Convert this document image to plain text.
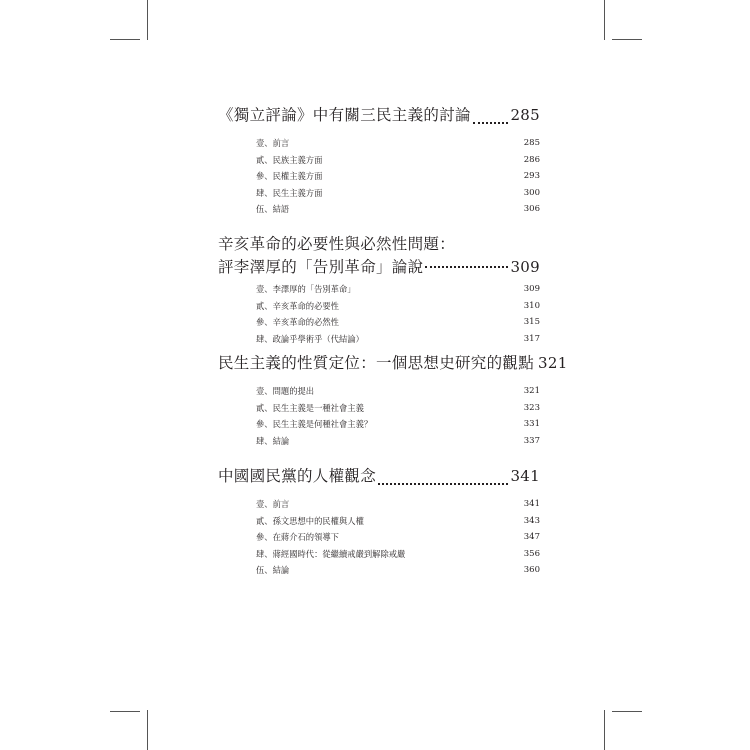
《獨立評論》中有關三民主義的討論	285
壹、前言	285
貳、民族主義方面	286
參、民權主義方面	293
肆、民生主義方面	300
伍、結語	306
辛亥革命的必要性與必然性問題：
評李澤厚的「告別革命」論說	309
壹、李澤厚的「告別革命」	309
貳、辛亥革命的必要性	310
參、辛亥革命的必然性	315
肆、政論乎學術乎（代結論）	317
民生主義的性質定位：一個思想史研究的觀點 321
壹、問題的提出	321
貳、民生主義是一種社會主義	323
參、民生主義是何種社會主義？	331
肆、結論	337
中國國民黨的人權觀念	341
壹、前言	341
貳、孫文思想中的民權與人權	343
參、在蔣介石的領導下	347
肆、蔣經國時代：從繼續戒嚴到解除戒嚴	356
伍、結論	360
